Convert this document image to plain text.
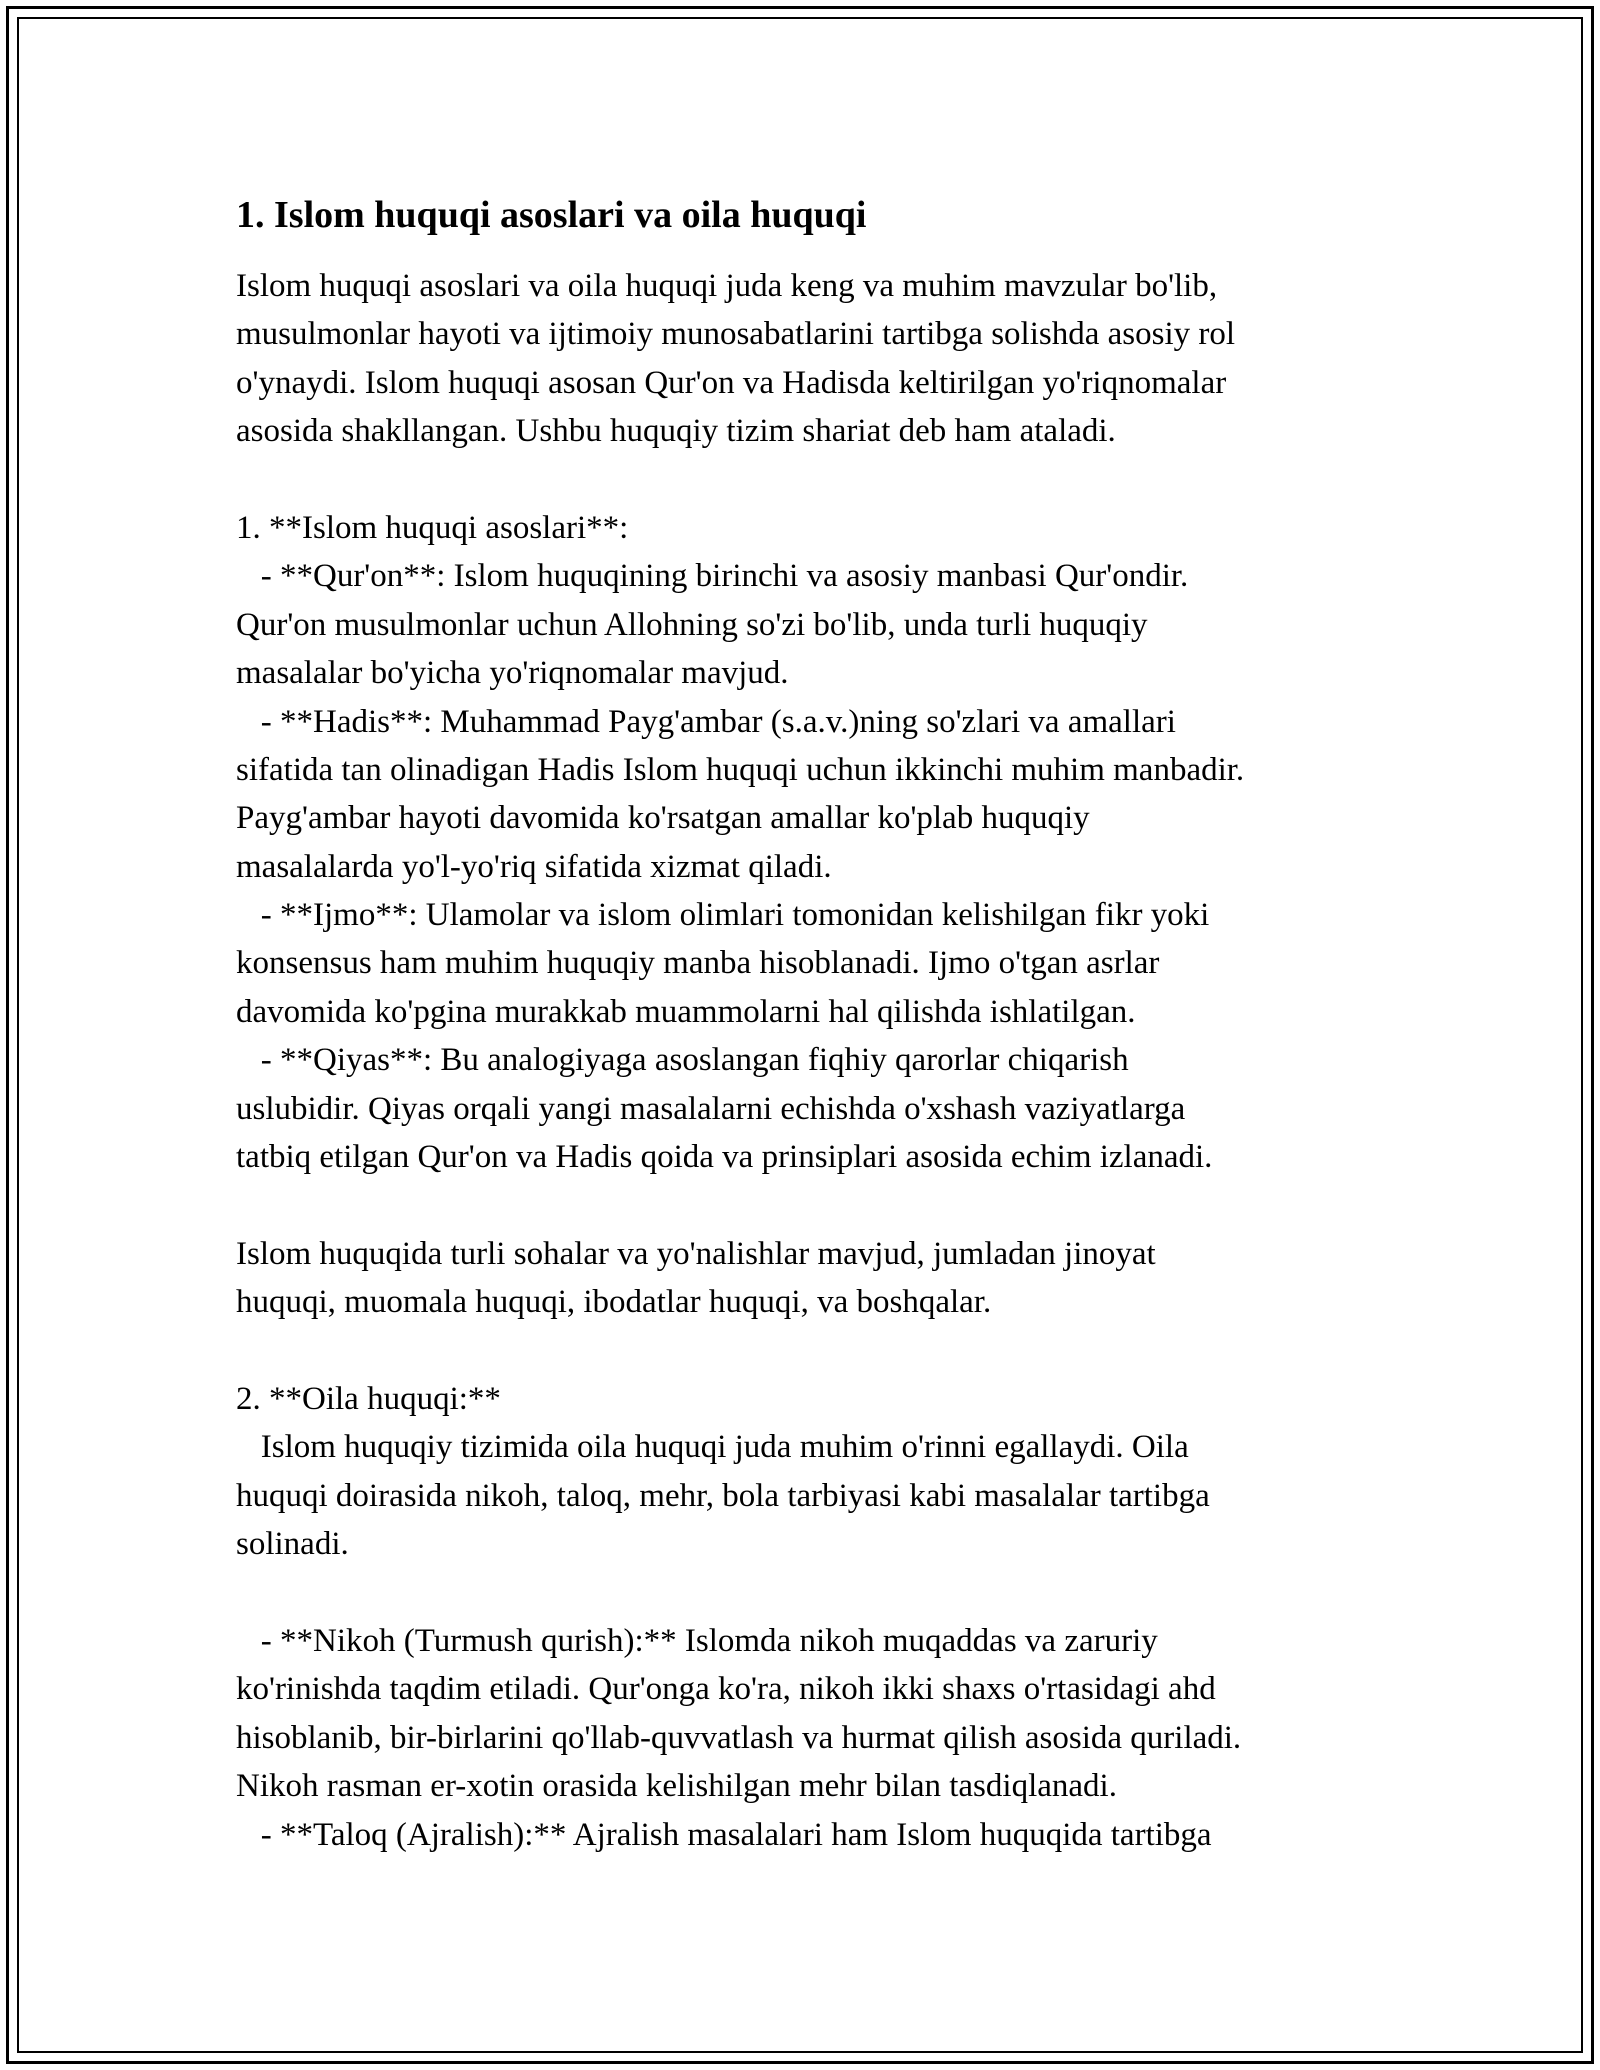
1. Islom huquqi asoslari va oila huquqi
Islom huquqi asoslari va oila huquqi juda keng va muhim mavzular bo'lib,
musulmonlar hayoti va ijtimoiy munosabatlarini tartibga solishda asosiy rol
o'ynaydi. Islom huquqi asosan Qur'on va Hadisda keltirilgan yo'riqnomalar
asosida shakllangan. Ushbu huquqiy tizim shariat deb ham ataladi.
1. **Islom huquqi asoslari**:
- **Qur'on**: Islom huquqining birinchi va asosiy manbasi Qur'ondir.
Qur'on musulmonlar uchun Allohning so'zi bo'lib, unda turli huquqiy
masalalar bo'yicha yo'riqnomalar mavjud.
- **Hadis**: Muhammad Payg'ambar (s.a.v.)ning so'zlari va amallari
sifatida tan olinadigan Hadis Islom huquqi uchun ikkinchi muhim manbadir.
Payg'ambar hayoti davomida ko'rsatgan amallar ko'plab huquqiy
masalalarda yo'l-yo'riq sifatida xizmat qiladi.
- **Ijmo**: Ulamolar va islom olimlari tomonidan kelishilgan fikr yoki
konsensus ham muhim huquqiy manba hisoblanadi. Ijmo o'tgan asrlar
davomida ko'pgina murakkab muammolarni hal qilishda ishlatilgan.
- **Qiyas**: Bu analogiyaga asoslangan fiqhiy qarorlar chiqarish
uslubidir. Qiyas orqali yangi masalalarni echishda o'xshash vaziyatlarga
tatbiq etilgan Qur'on va Hadis qoida va prinsiplari asosida echim izlanadi.
Islom huquqida turli sohalar va yo'nalishlar mavjud, jumladan jinoyat
huquqi, muomala huquqi, ibodatlar huquqi, va boshqalar.
2. **Oila huquqi:**
Islom huquqiy tizimida oila huquqi juda muhim o'rinni egallaydi. Oila
huquqi doirasida nikoh, taloq, mehr, bola tarbiyasi kabi masalalar tartibga
solinadi.
- **Nikoh (Turmush qurish):** Islomda nikoh muqaddas va zaruriy
ko'rinishda taqdim etiladi. Qur'onga ko'ra, nikoh ikki shaxs o'rtasidagi ahd
hisoblanib, bir-birlarini qo'llab-quvvatlash va hurmat qilish asosida quriladi.
Nikoh rasman er-xotin orasida kelishilgan mehr bilan tasdiqlanadi.
- **Taloq (Ajralish):** Ajralish masalalari ham Islom huquqida tartibga
